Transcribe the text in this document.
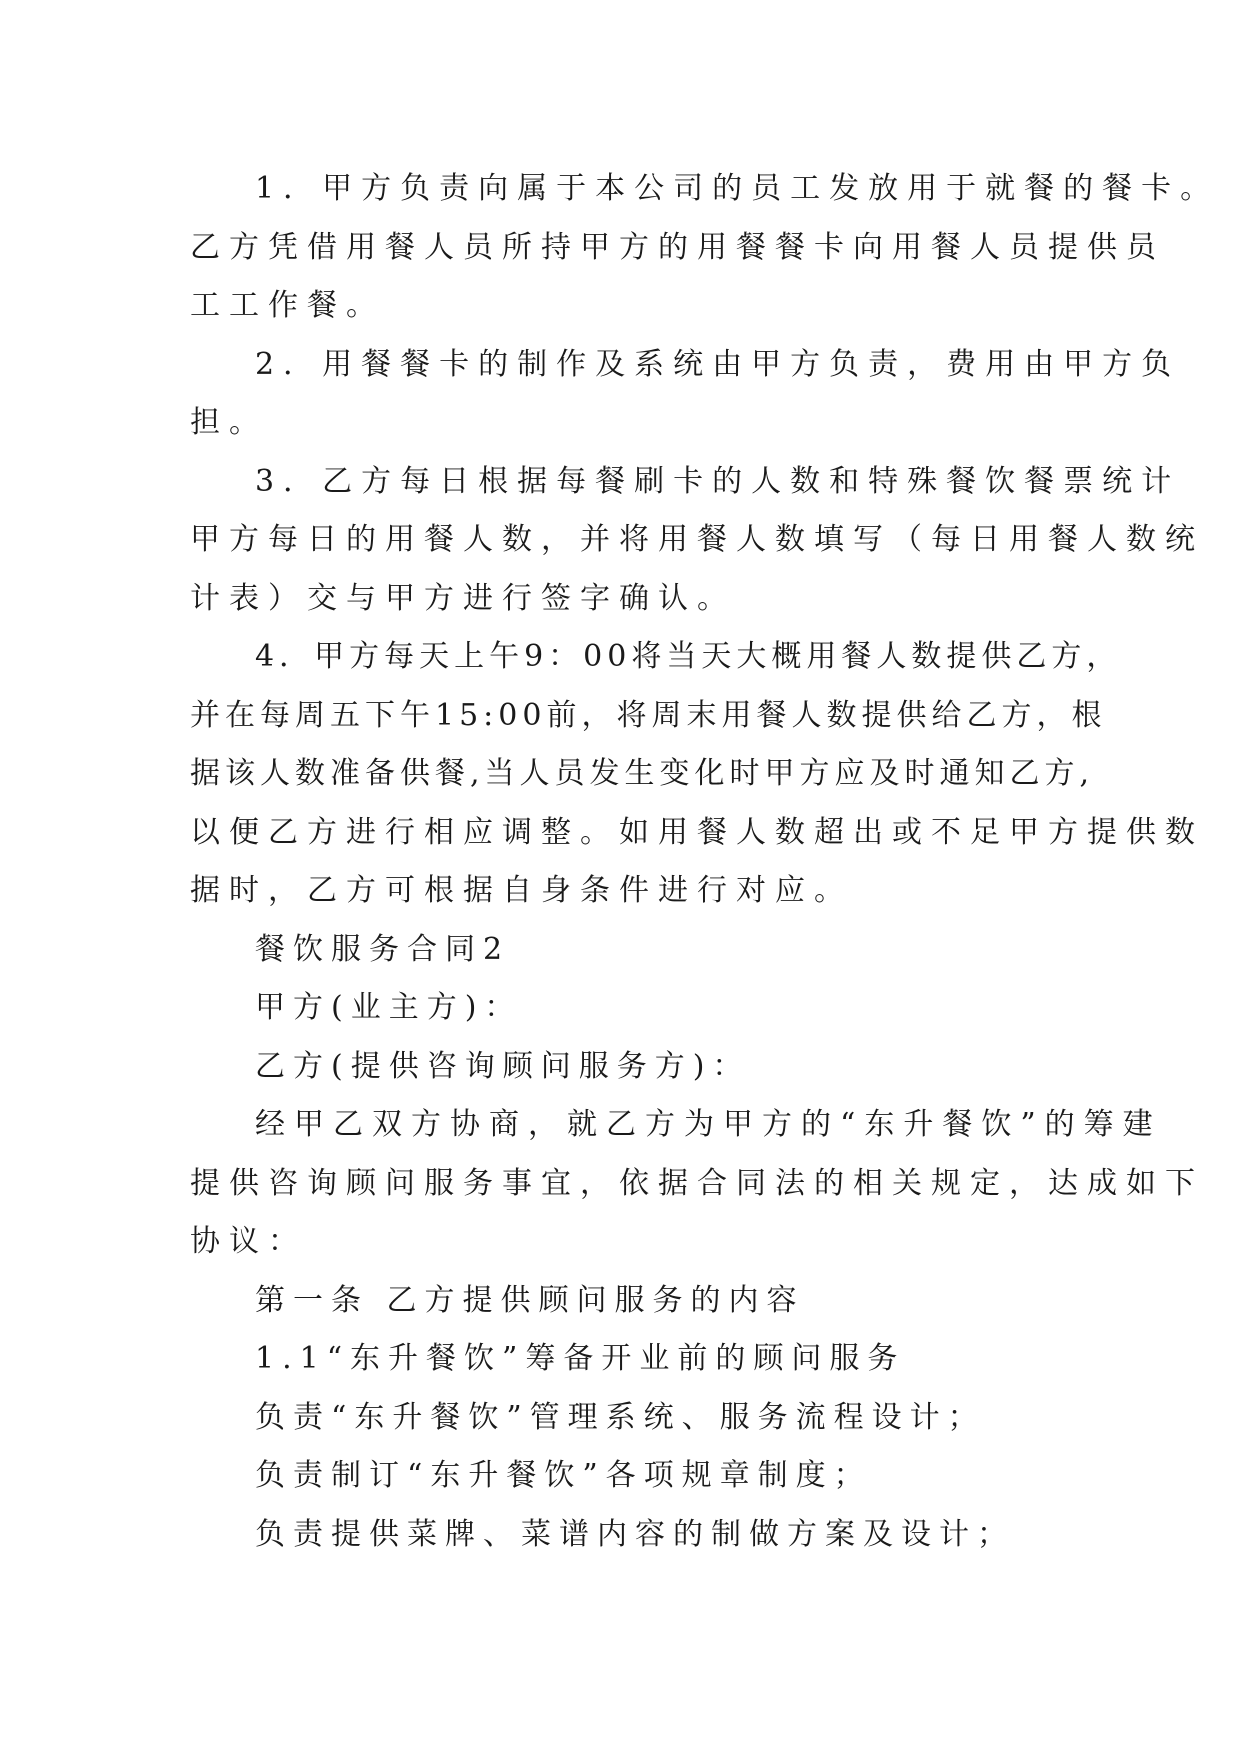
1．甲方负责向属于本公司的员工发放用于就餐的餐卡。
乙方凭借用餐人员所持甲方的用餐餐卡向用餐人员提供员
工工作餐。
2．用餐餐卡的制作及系统由甲方负责，费用由甲方负
担。
3．乙方每日根据每餐刷卡的人数和特殊餐饮餐票统计
甲方每日的用餐人数，并将用餐人数填写（每日用餐人数统
计表）交与甲方进行签字确认。
4．甲方每天上午9：00将当天大概用餐人数提供乙方，
并在每周五下午15:00前，将周末用餐人数提供给乙方，根
据该人数准备供餐,当人员发生变化时甲方应及时通知乙方,
以便乙方进行相应调整。如用餐人数超出或不足甲方提供数
据时，乙方可根据自身条件进行对应。
餐饮服务合同2
甲方(业主方)：
乙方(提供咨询顾问服务方)：
经甲乙双方协商，就乙方为甲方的“东升餐饮”的筹建
提供咨询顾问服务事宜，依据合同法的相关规定，达成如下
协议：
第一条 乙方提供顾问服务的内容
1.1“东升餐饮”筹备开业前的顾问服务
负责“东升餐饮”管理系统、服务流程设计；
负责制订“东升餐饮”各项规章制度；
负责提供菜牌、菜谱内容的制做方案及设计；
